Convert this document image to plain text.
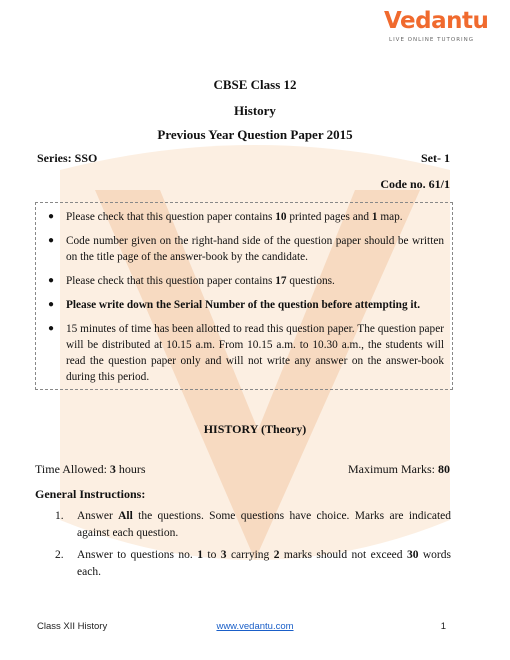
Vedantu
LIVE ONLINE TUTORING
CBSE Class 12
History
Previous Year Question Paper 2015
Series: SSO	Set- 1
Code no. 61/1
● Please check that this question paper contains 10 printed pages and 1 map.
● Code number given on the right-hand side of the question paper should be written on the title page of the answer-book by the candidate.
● Please check that this question paper contains 17 questions.
● Please write down the Serial Number of the question before attempting it.
● 15 minutes of time has been allotted to read this question paper. The question paper will be distributed at 10.15 a.m. From 10.15 a.m. to 10.30 a.m., the students will read the question paper only and will not write any answer on the answer-book during this period.
HISTORY (Theory)
Time Allowed: 3 hours	Maximum Marks: 80
General Instructions:
1. Answer All the questions. Some questions have choice. Marks are indicated against each question.
2. Answer to questions no. 1 to 3 carrying 2 marks should not exceed 30 words each.
Class XII History	www.vedantu.com	1
